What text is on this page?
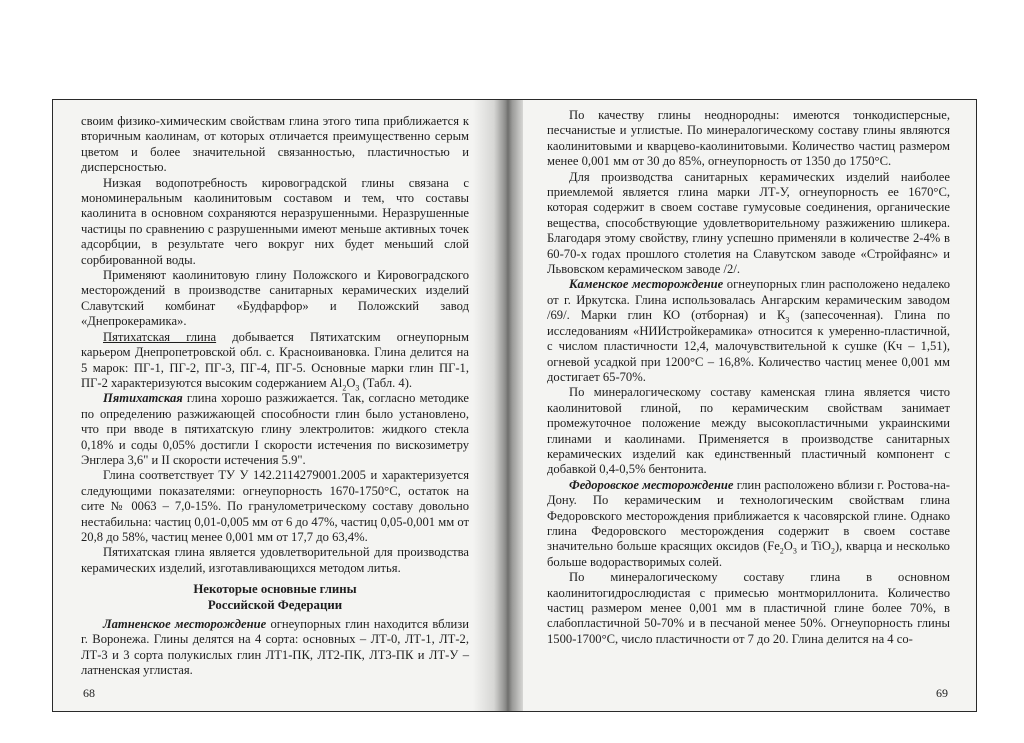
своим физико-химическим свойствам глина этого типа приближается к вторичным каолинам, от которых отличается преимущественно серым цветом и более значительной связанностью, пластичностью и дисперсностью.

Низкая водопотребность кировоградской глины связана с мономинеральным каолинитовым составом и тем, что составы каолинита в основном сохраняются неразрушенными. Неразрушенные частицы по сравнению с разрушенными имеют меньше активных точек адсорбции, в результате чего вокруг них будет меньший слой сорбированной воды.

Применяют каолинитовую глину Положского и Кировоградского месторождений в производстве санитарных керамических изделий Славутский комбинат «Будфарфор» и Положский завод «Днепрокерамика».

Пятихатская глина добывается Пятихатским огнеупорным карьером Днепропетровской обл. с. Красноивановка. Глина делится на 5 марок: ПГ-1, ПГ-2, ПГ-3, ПГ-4, ПГ-5. Основные марки глин ПГ-1, ПГ-2 характеризуются высоким содержанием $Al_2O_3$ (Табл. 4).

Пятихатская глина хорошо разжижается. Так, согласно методике по определению разжижающей способности глин было установлено, что при вводе в пятихатскую глину электролитов: жидкого стекла 0,18% и соды 0,05% достигли I скорости истечения по вискозиметру Энглера 3,6" и II скорости истечения 5.9".

Глина соответствует ТУ У 142.2114279001.2005 и характеризуется следующими показателями: огнеупорность 1670-1750°С, остаток на сите № 0063 – 7,0-15%. По гранулометрическому составу довольно нестабильна: частиц 0,01-0,005 мм от 6 до 47%, частиц 0,05-0,001 мм от 20,8 до 58%, частиц менее 0,001 мм от 17,7 до 63,4%.

Пятихатская глина является удовлетворительной для производства керамических изделий, изготавливающихся методом литья.

Некоторые основные глины
Российской Федерации

Латненское месторождение огнеупорных глин находится вблизи г. Воронежа. Глины делятся на 4 сорта: основных – ЛТ-0, ЛТ-1, ЛТ-2, ЛТ-3 и 3 сорта полукислых глин ЛТ1-ПК, ЛТ2-ПК, ЛТ3-ПК и ЛТ-У – латненская углистая.

68

По качеству глины неоднородны: имеются тонкодисперсные, песчанистые и углистые. По минералогическому составу глины являются каолинитовыми и кварцево-каолинитовыми. Количество частиц размером менее 0,001 мм от 30 до 85%, огнеупорность от 1350 до 1750°С.

Для производства санитарных керамических изделий наиболее приемлемой является глина марки ЛТ-У, огнеупорность ее 1670°С, которая содержит в своем составе гумусовые соединения, органические вещества, способствующие удовлетворительному разжижению шликера. Благодаря этому свойству, глину успешно применяли в количестве 2-4% в 60-70-х годах прошлого столетия на Славутском заводе «Стройфаянс» и Львовском керамическом заводе /2/.

Каменское месторождение огнеупорных глин расположено недалеко от г. Иркутска. Глина использовалась Ангарским керамическим заводом /69/. Марки глин КО (отборная) и $К_3$ (запесоченная). Глина по исследованиям «НИИстройкерамика» относится к умеренно-пластичной, с числом пластичности 12,4, малочувствительной к сушке (Кч – 1,51), огневой усадкой при 1200°С – 16,8%. Количество частиц менее 0,001 мм достигает 65-70%.

По минералогическому составу каменская глина является чисто каолинитовой глиной, по керамическим свойствам занимает промежуточное положение между высокопластичными украинскими глинами и каолинами. Применяется в производстве санитарных керамических изделий как единственный пластичный компонент с добавкой 0,4-0,5% бентонита.

Федоровское месторождение глин расположено вблизи г. Ростова-на-Дону. По керамическим и технологическим свойствам глина Федоровского месторождения приближается к часовярской глине. Однако глина Федоровского месторождения содержит в своем составе значительно больше красящих оксидов ($Fe_2O_3$ и TiO$_2$), кварца и несколько больше водорастворимых солей.

По минералогическому составу глина в основном каолинитогидрослюдистая с примесью монтмориллонита. Количество частиц размером менее 0,001 мм в пластичной глине более 70%, в слабопластичной 50-70% и в песчаной менее 50%. Огнеупорность глины 1500-1700°С, число пластичности от 7 до 20. Глина делится на 4 со-

69
